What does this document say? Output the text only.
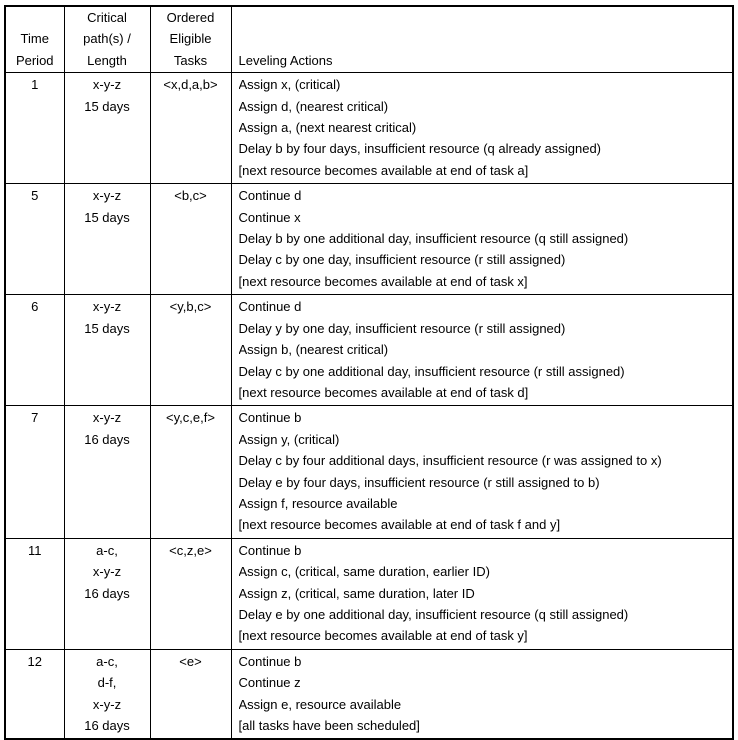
Time
Period

Critical
path(s) /
Length

Ordered
Eligible
Tasks	Leveling Actions

1	x-y-z
15 days

<x,d,a,b>	Assign x, (critical)
Assign d, (nearest critical)
Assign a, (next nearest critical)
Delay b by four days, insufficient resource (q already assigned)
[next resource becomes available at end of task a]

5	x-y-z
15 days

<b,c>	Continue d
Continue x
Delay b by one additional day, insufficient resource (q still assigned)
Delay c by one day, insufficient resource (r still assigned)
[next resource becomes available at end of task x]

6	x-y-z
15 days

<y,b,c>	Continue d
Delay y by one day, insufficient resource (r still assigned)
Assign b, (nearest critical)
Delay c by one additional day, insufficient resource (r still assigned)
[next resource becomes available at end of task d]

7	x-y-z
16 days

<y,c,e,f>	Continue b
Assign y, (critical)
Delay c by four additional days, insufficient resource (r was assigned to x)
Delay e by four days, insufficient resource (r still assigned to b)
Assign f, resource available
[next resource becomes available at end of task f and y]

11	a-c,
x-y-z
16 days

<c,z,e>	Continue b
Assign c, (critical, same duration, earlier ID)
Assign z, (critical, same duration, later ID
Delay e by one additional day, insufficient resource (q still assigned)
[next resource becomes available at end of task y]

12	a-c,
d-f,
x-y-z
16 days

<e>	Continue b
Continue z
Assign e, resource available
[all tasks have been scheduled]
